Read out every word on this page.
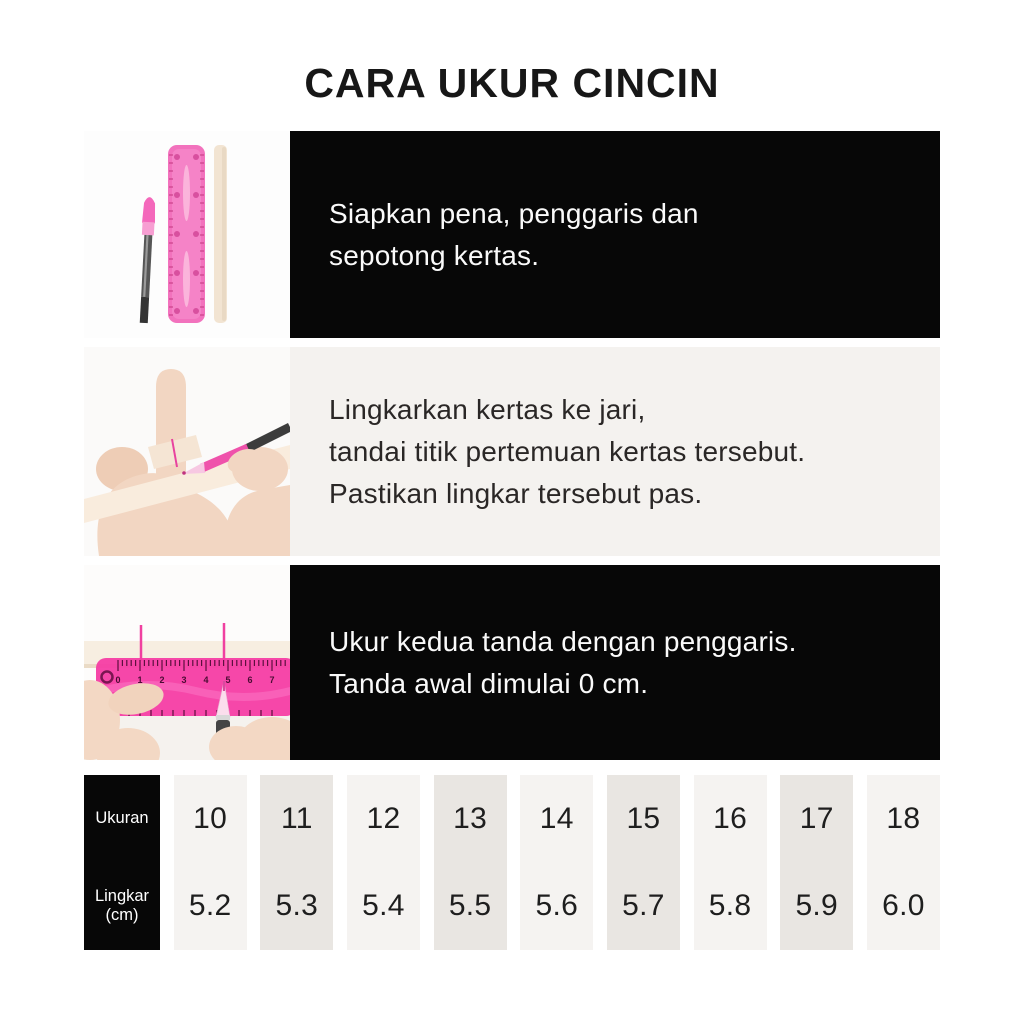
CARA UKUR CINCIN
Siapkan pena, penggaris dan
sepotong kertas.
Lingkarkan kertas ke jari,
tandai titik pertemuan kertas tersebut.
Pastikan lingkar tersebut pas.
0 1 2 3 4 5 6 7
Ukur kedua tanda dengan penggaris.
Tanda awal dimulai 0 cm.
Ukuran
Lingkar
(cm)
10
5.2
11
5.3
12
5.4
13
5.5
14
5.6
15
5.7
16
5.8
17
5.9
18
6.0
